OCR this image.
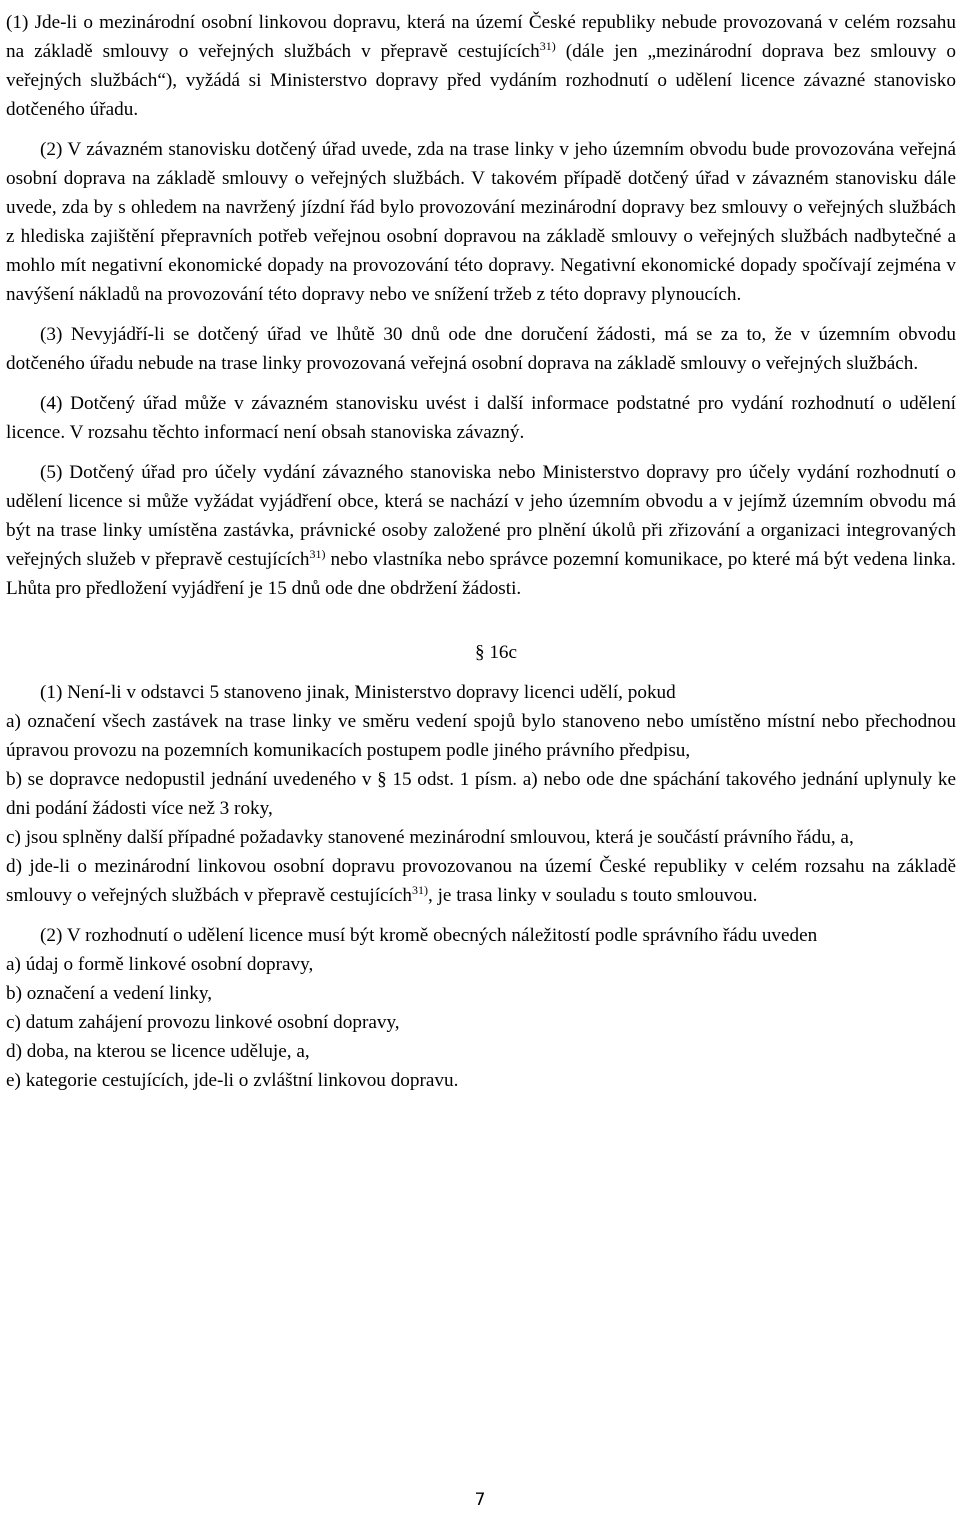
(1) Jde-li o mezinárodní osobní linkovou dopravu, která na území České republiky nebude provozovaná v celém rozsahu na základě smlouvy o veřejných službách v přepravě cestujících$^{31)}$ (dále jen „mezinárodní doprava bez smlouvy o veřejných službách“), vyžádá si Ministerstvo dopravy před vydáním rozhodnutí o udělení licence závazné stanovisko dotčeného úřadu.

(2) V závazném stanovisku dotčený úřad uvede, zda na trase linky v jeho územním obvodu bude provozována veřejná osobní doprava na základě smlouvy o veřejných službách. V takovém případě dotčený úřad v závazném stanovisku dále uvede, zda by s ohledem na navržený jízdní řád bylo provozování mezinárodní dopravy bez smlouvy o veřejných službách z hlediska zajištění přepravních potřeb veřejnou osobní dopravou na základě smlouvy o veřejných službách nadbytečné a mohlo mít negativní ekonomické dopady na provozování této dopravy. Negativní ekonomické dopady spočívají zejména v navýšení nákladů na provozování této dopravy nebo ve snížení tržeb z této dopravy plynoucích.

(3) Nevyjádří-li se dotčený úřad ve lhůtě 30 dnů ode dne doručení žádosti, má se za to, že v územním obvodu dotčeného úřadu nebude na trase linky provozovaná veřejná osobní doprava na základě smlouvy o veřejných službách.

(4) Dotčený úřad může v závazném stanovisku uvést i další informace podstatné pro vydání rozhodnutí o udělení licence. V rozsahu těchto informací není obsah stanoviska závazný.

(5) Dotčený úřad pro účely vydání závazného stanoviska nebo Ministerstvo dopravy pro účely vydání rozhodnutí o udělení licence si může vyžádat vyjádření obce, která se nachází v jeho územním obvodu a v jejímž územním obvodu má být na trase linky umístěna zastávka, právnické osoby založené pro plnění úkolů při zřizování a organizaci integrovaných veřejných služeb v přepravě cestujících$^{31)}$ nebo vlastníka nebo správce pozemní komunikace, po které má být vedena linka. Lhůta pro předložení vyjádření je 15 dnů ode dne obdržení žádosti.

§ 16c

(1) Není-li v odstavci 5 stanoveno jinak, Ministerstvo dopravy licenci udělí, pokud

a) označení všech zastávek na trase linky ve směru vedení spojů bylo stanoveno nebo umístěno místní nebo přechodnou úpravou provozu na pozemních komunikacích postupem podle jiného právního předpisu,

b) se dopravce nedopustil jednání uvedeného v § 15 odst. 1 písm. a) nebo ode dne spáchání takového jednání uplynuly ke dni podání žádosti více než 3 roky,

c) jsou splněny další případné požadavky stanovené mezinárodní smlouvou, která je součástí právního řádu, a,

d) jde-li o mezinárodní linkovou osobní dopravu provozovanou na území České republiky v celém rozsahu na základě smlouvy o veřejných službách v přepravě cestujících$^{31)}$, je trasa linky v souladu s touto smlouvou.

(2) V rozhodnutí o udělení licence musí být kromě obecných náležitostí podle správního řádu uveden

a) údaj o formě linkové osobní dopravy,

b) označení a vedení linky,

c) datum zahájení provozu linkové osobní dopravy,

d) doba, na kterou se licence uděluje, a,

e) kategorie cestujících, jde-li o zvláštní linkovou dopravu.

7
